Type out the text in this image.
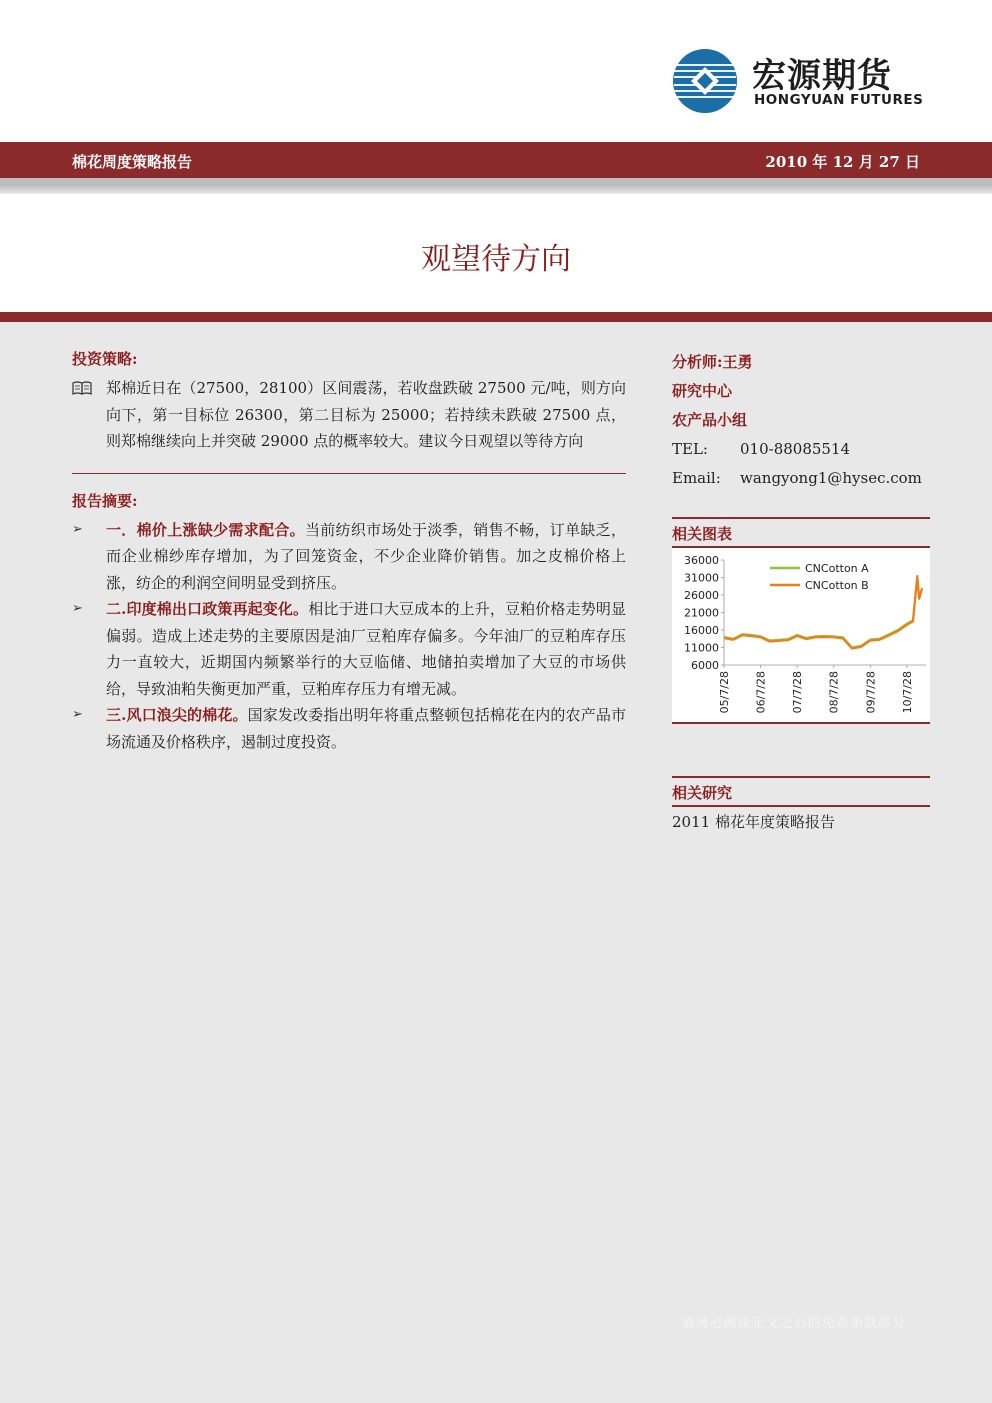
宏源期货
HONGYUAN FUTURES
棉花周度策略报告	2010 年 12 月 27 日
观望待方向
投资策略:
郑棉近日在（27500，28100）区间震荡，若收盘跌破 27500 元/吨，则方向向下，第一目标位 26300，第二目标为 25000；若持续未跌破 27500 点，则郑棉继续向上并突破 29000 点的概率较大。建议今日观望以等待方向
报告摘要:
➢ 一．棉价上涨缺少需求配合。当前纺织市场处于淡季，销售不畅，订单缺乏，而企业棉纱库存增加，为了回笼资金，不少企业降价销售。加之皮棉价格上涨，纺企的利润空间明显受到挤压。
➢ 二.印度棉出口政策再起变化。相比于进口大豆成本的上升，豆粕价格走势明显偏弱。造成上述走势的主要原因是油厂豆粕库存偏多。今年油厂的豆粕库存压力一直较大，近期国内频繁举行的大豆临储、地储拍卖增加了大豆的市场供给，导致油粕失衡更加严重，豆粕库存压力有增无减。
➢ 三.风口浪尖的棉花。国家发改委指出明年将重点整顿包括棉花在内的农产品市场流通及价格秩序，遏制过度投资。
分析师:王勇
研究中心
农产品小组
TEL:	010-88085514
Email:	wangyong1@hysec.com
相关图表
6000
11000
16000
21000
26000
31000
36000
05/7/28 06/7/28 07/7/28 08/7/28 09/7/28 10/7/28
CNCotton A
CNCotton B
相关研究
2011 棉花年度策略报告
请务必阅读正文之后的免责条款部分
